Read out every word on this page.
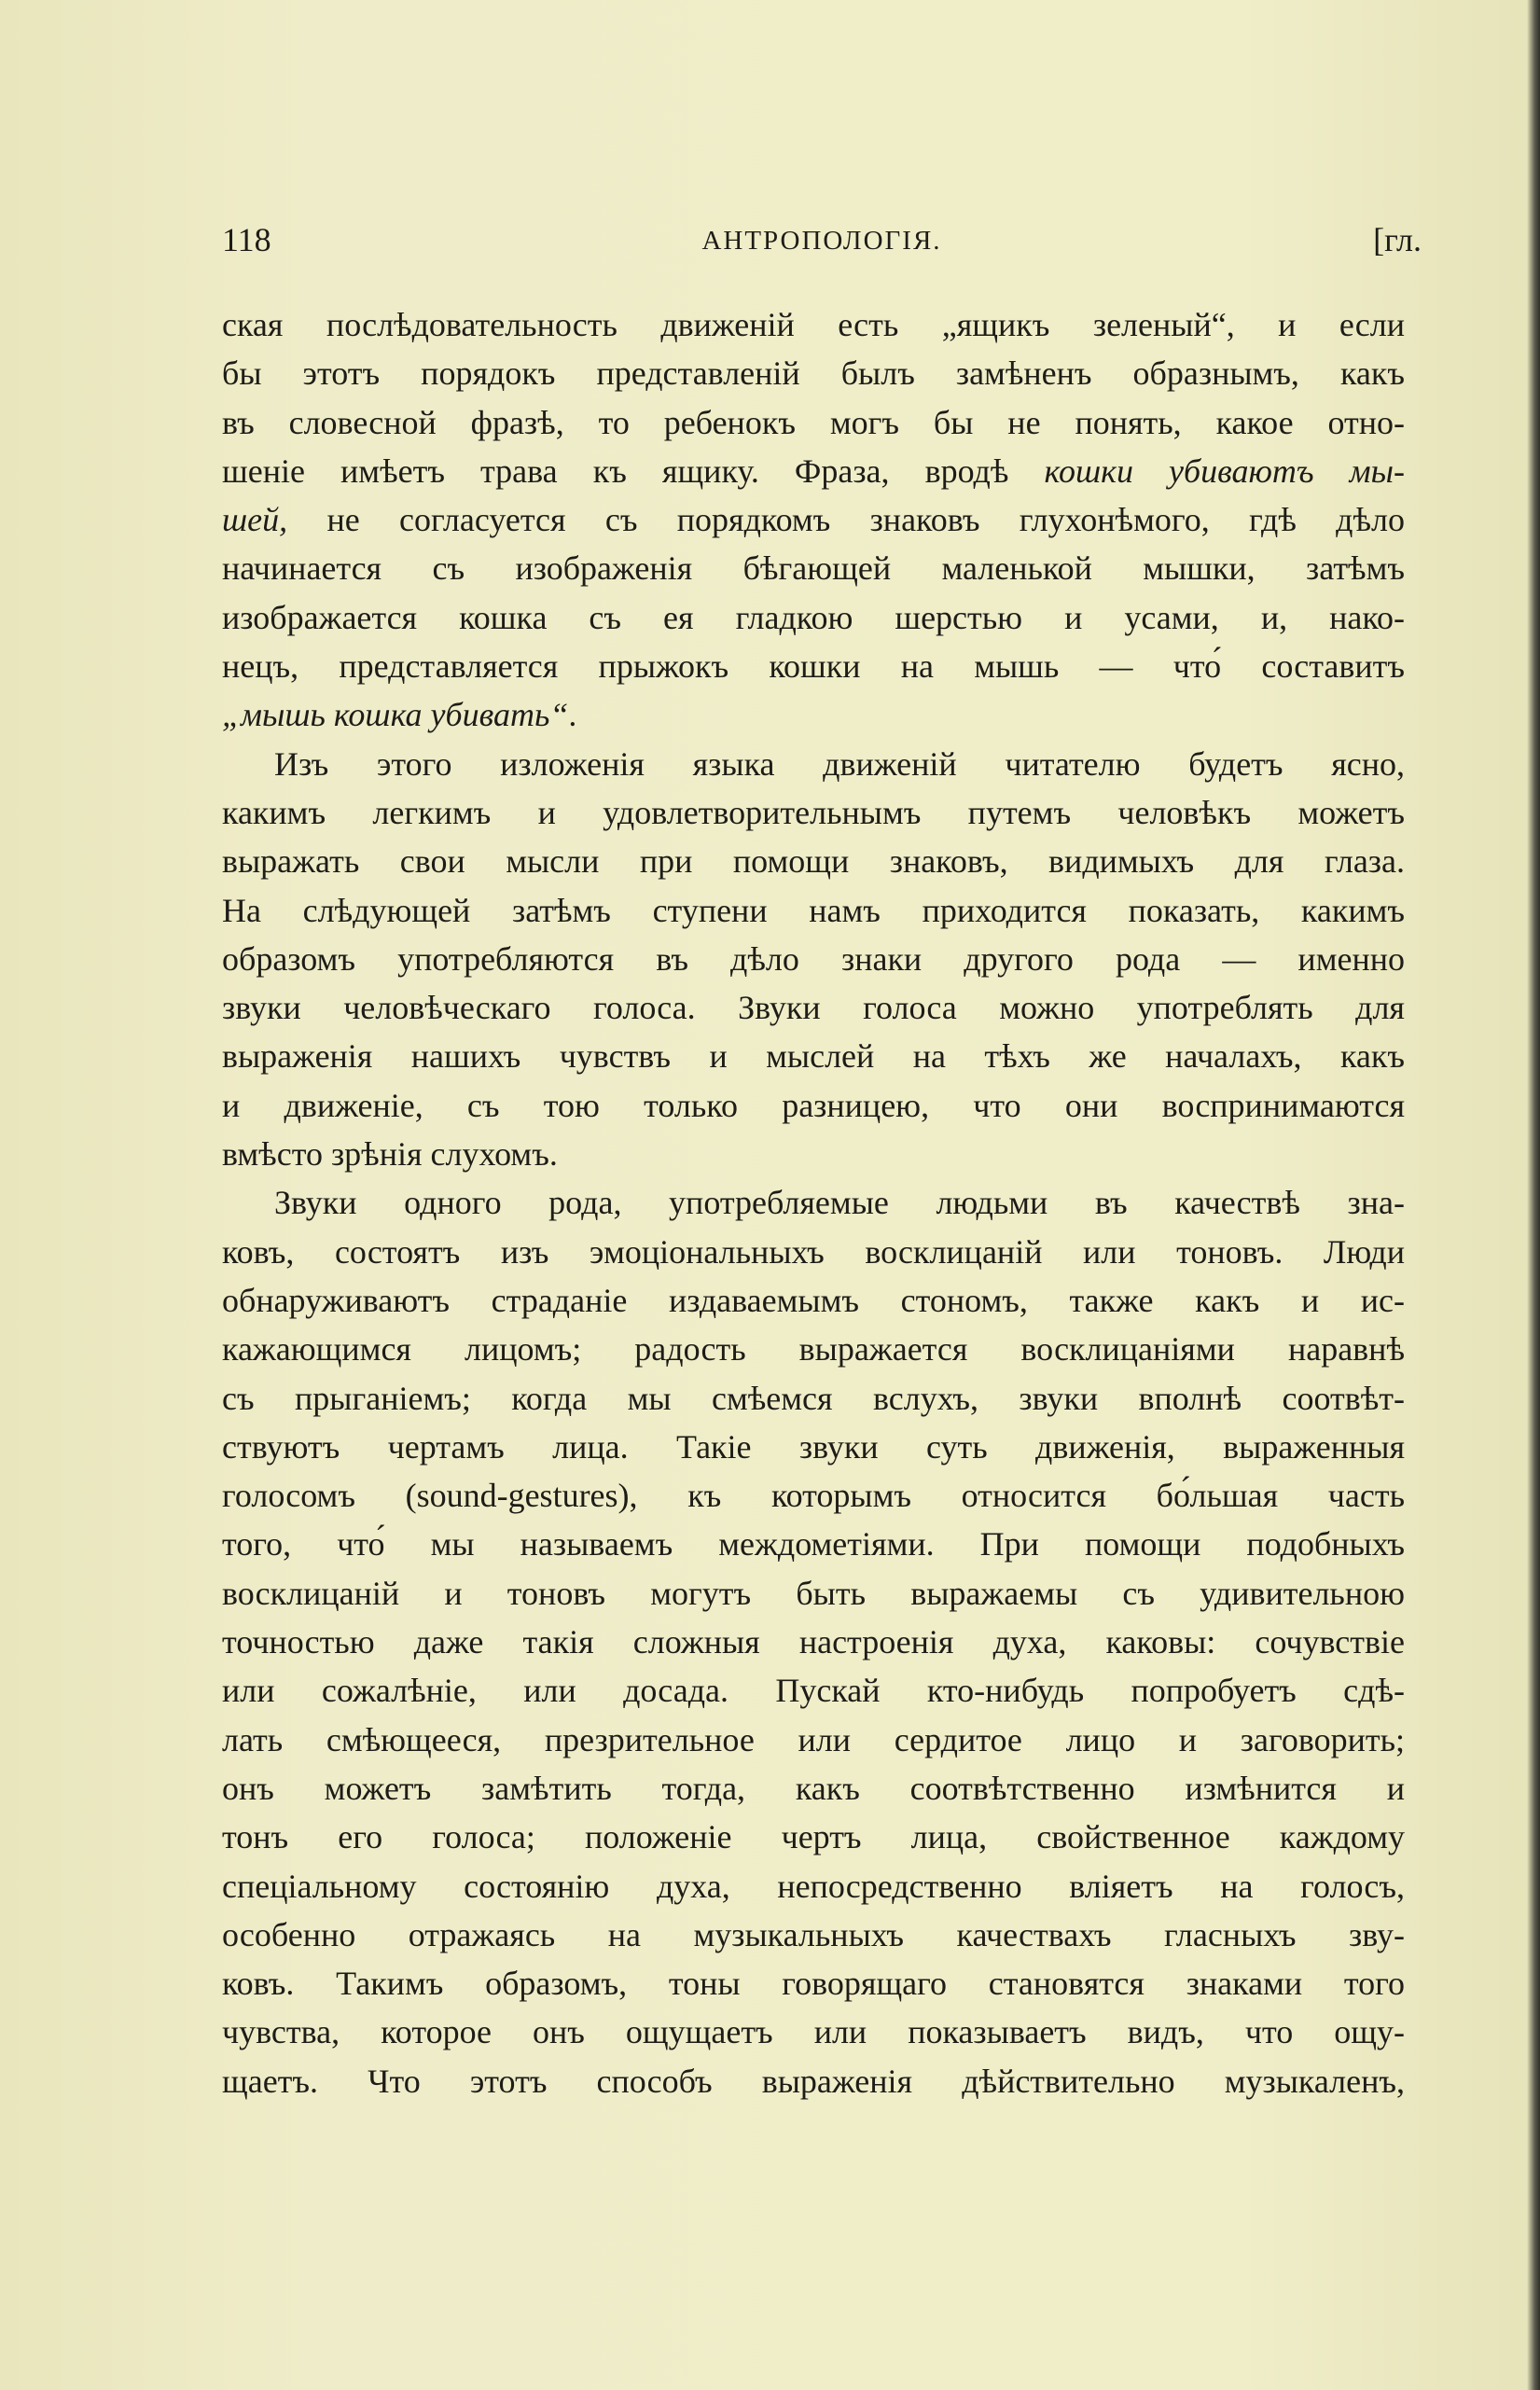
118	АНТРОПОЛОГІЯ.	[гл.
ская послѣдовательность движеній есть „ящикъ зеленый“, и если
бы этотъ порядокъ представленій былъ замѣненъ образнымъ, какъ
въ словесной фразѣ, то ребенокъ могъ бы не понять, какое отно-
шеніе имѣетъ трава къ ящику. Фраза, вродѣ кошки убиваютъ мы-
шей, не согласуется съ порядкомъ знаковъ глухонѣмого, гдѣ дѣло
начинается съ изображенія бѣгающей маленькой мышки, затѣмъ
изображается кошка съ ея гладкою шерстью и усами, и, нако-
нецъ, представляется прыжокъ кошки на мышь — что́ составитъ
„мышь кошка убивать“.
Изъ этого изложенія языка движеній читателю будетъ ясно,
какимъ легкимъ и удовлетворительнымъ путемъ человѣкъ можетъ
выражать свои мысли при помощи знаковъ, видимыхъ для глаза.
На слѣдующей затѣмъ ступени намъ приходится показать, какимъ
образомъ употребляются въ дѣло знаки другого рода — именно
звуки человѣческаго голоса. Звуки голоса можно употреблять для
выраженія нашихъ чувствъ и мыслей на тѣхъ же началахъ, какъ
и движеніе, съ тою только разницею, что они воспринимаются
вмѣсто зрѣнія слухомъ.
Звуки одного рода, употребляемые людьми въ качествѣ зна-
ковъ, состоятъ изъ эмоціональныхъ восклицаній или тоновъ. Люди
обнаруживаютъ страданіе издаваемымъ стономъ, также какъ и ис-
кажающимся лицомъ; радость выражается восклицаніями наравнѣ
съ прыганіемъ; когда мы смѣемся вслухъ, звуки вполнѣ соотвѣт-
ствуютъ чертамъ лица. Такіе звуки суть движенія, выраженныя
голосомъ (sound-gestures), къ которымъ относится бо́льшая часть
того, что́ мы называемъ междометіями. При помощи подобныхъ
восклицаній и тоновъ могутъ быть выражаемы съ удивительною
точностью даже такія сложныя настроенія духа, каковы: сочувствіе
или сожалѣніе, или досада. Пускай кто-нибудь попробуетъ сдѣ-
лать смѣющееся, презрительное или сердитое лицо и заговорить;
онъ можетъ замѣтить тогда, какъ соотвѣтственно измѣнится и
тонъ его голоса; положеніе чертъ лица, свойственное каждому
спеціальному состоянію духа, непосредственно вліяетъ на голосъ,
особенно отражаясь на музыкальныхъ качествахъ гласныхъ зву-
ковъ. Такимъ образомъ, тоны говорящаго становятся знаками того
чувства, которое онъ ощущаетъ или показываетъ видъ, что ощу-
щаетъ. Что этотъ способъ выраженія дѣйствительно музыкаленъ,
